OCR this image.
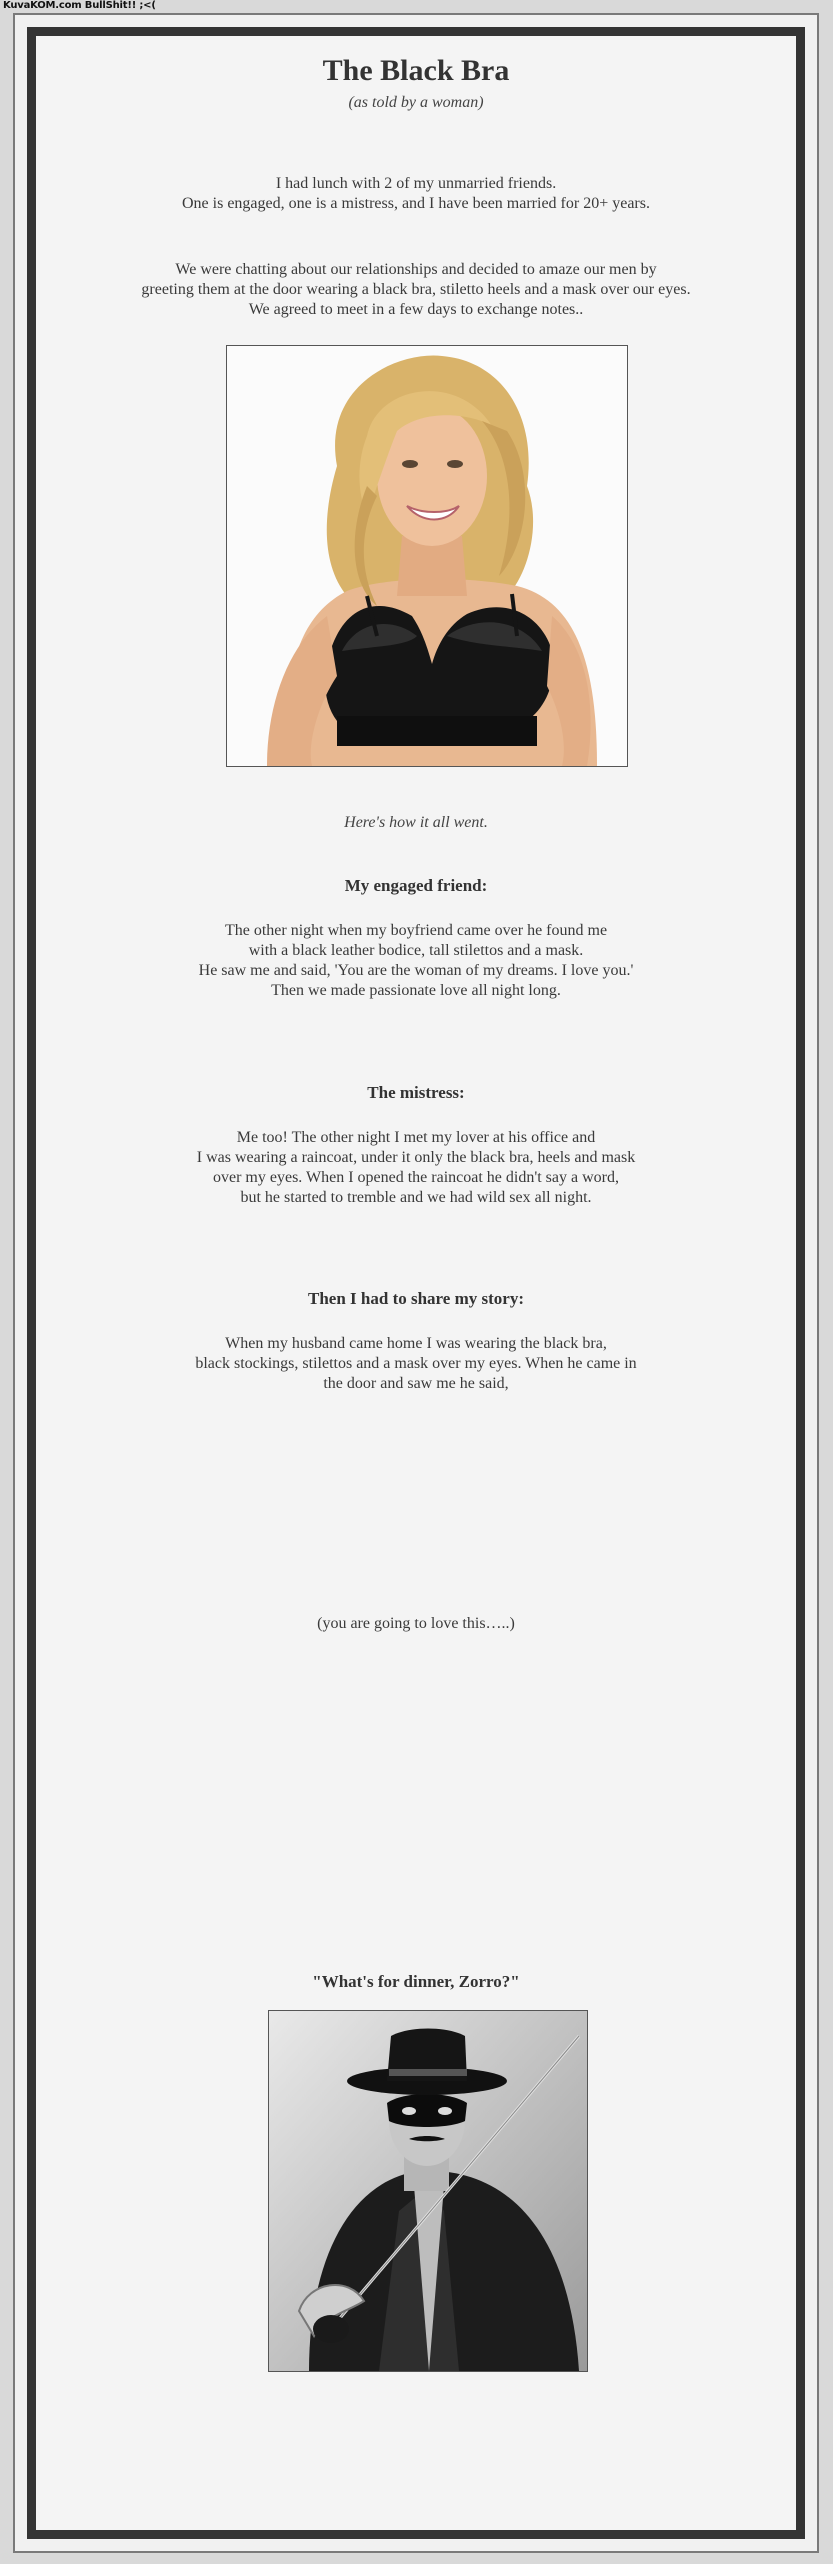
KuvaKOM.com BullShit!! ;<(
The Black Bra
(as told by a woman)
I had lunch with 2 of my unmarried friends.
One is engaged, one is a mistress, and I have been married for 20+ years.
We were chatting about our relationships and decided to amaze our men by
greeting them at the door wearing a black bra, stiletto heels and a mask over our eyes.
We agreed to meet in a few days to exchange notes..
Here's how it all went.
My engaged friend:
The other night when my boyfriend came over he found me
with a black leather bodice, tall stilettos and a mask.
He saw me and said, 'You are the woman of my dreams. I love you.'
Then we made passionate love all night long.
The mistress:
Me too! The other night I met my lover at his office and
I was wearing a raincoat, under it only the black bra, heels and mask
over my eyes. When I opened the raincoat he didn't say a word,
but he started to tremble and we had wild sex all night.
Then I had to share my story:
When my husband came home I was wearing the black bra,
black stockings, stilettos and a mask over my eyes. When he came in
the door and saw me he said,
(you are going to love this…..)
"What's for dinner, Zorro?"
